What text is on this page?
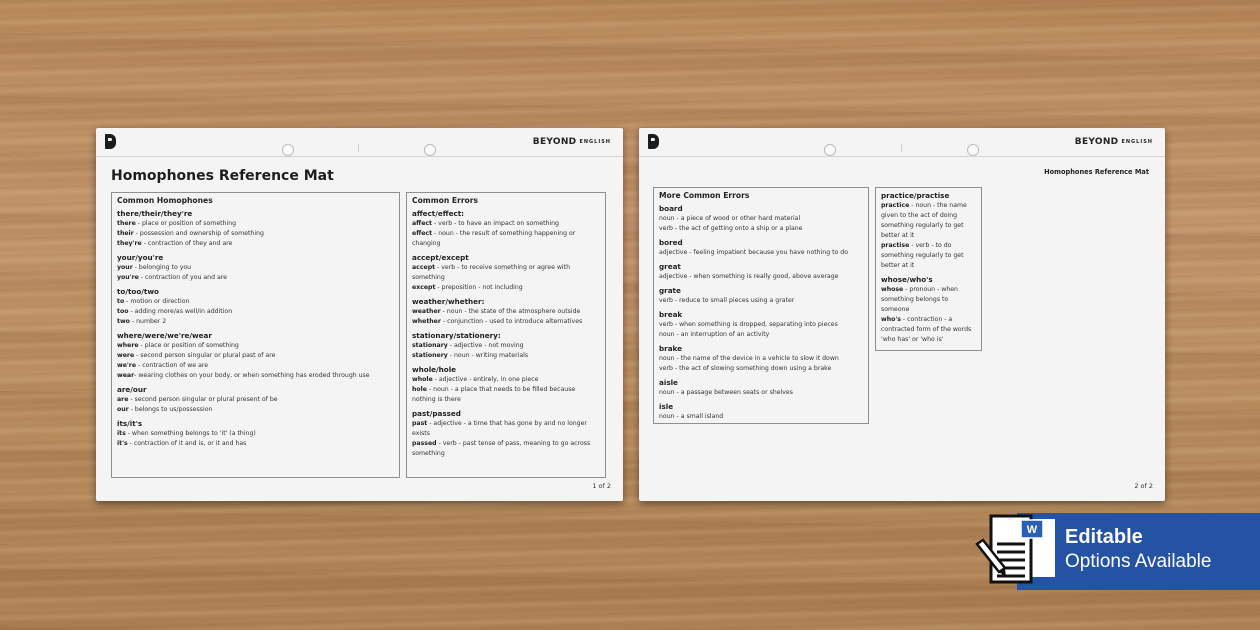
BEYOND ENGLISH
Homophones Reference Mat
Common Homophones
there/their/they're
there - place or position of something
their - possession and ownership of something
they're - contraction of they and are
your/you're
your - belonging to you
you're - contraction of you and are
to/too/two
to - motion or direction
too - adding more/as well/in addition
two - number 2
where/were/we're/wear
where - place or position of something
were - second person singular or plural past of are
we're - contraction of we are
wear- wearing clothes on your body, or when something has eroded through use
are/our
are - second person singular or plural present of be
our - belongs to us/possession
its/it's
its - when something belongs to 'it' (a thing)
it's - contraction of it and is, or it and has
Common Errors
affect/effect:
affect - verb - to have an impact on something
effect - noun - the result of something happening or changing
accept/except
accept - verb - to receive something or agree with something
except - preposition - not including
weather/whether:
weather - noun - the state of the atmosphere outside
whether - conjunction - used to introduce alternatives
stationary/stationery:
stationary - adjective - not moving
stationery - noun - writing materials
whole/hole
whole - adjective - entirely, in one piece
hole - noun - a place that needs to be filled because nothing is there
past/passed
past - adjective - a time that has gone by and no longer exists
passed - verb - past tense of pass, meaning to go across something
1 of 2
BEYOND ENGLISH
Homophones Reference Mat
More Common Errors
board
noun - a piece of wood or other hard material
verb - the act of getting onto a ship or a plane
bored
adjective - feeling impatient because you have nothing to do
great
adjective - when something is really good, above average
grate
verb - reduce to small pieces using a grater
break
verb - when something is dropped, separating into pieces
noun - an interruption of an activity
brake
noun - the name of the device in a vehicle to slow it down
verb - the act of slowing something down using a brake
aisle
noun - a passage between seats or shelves
isle
noun - a small island
practice/practise
practice - noun - the name given to the act of doing something regularly to get better at it
practise - verb - to do something regularly to get better at it
whose/who's
whose - pronoun - when something belongs to someone
who's - contraction - a contracted form of the words 'who has' or 'who is'
2 of 2
W Editable
Options Available
